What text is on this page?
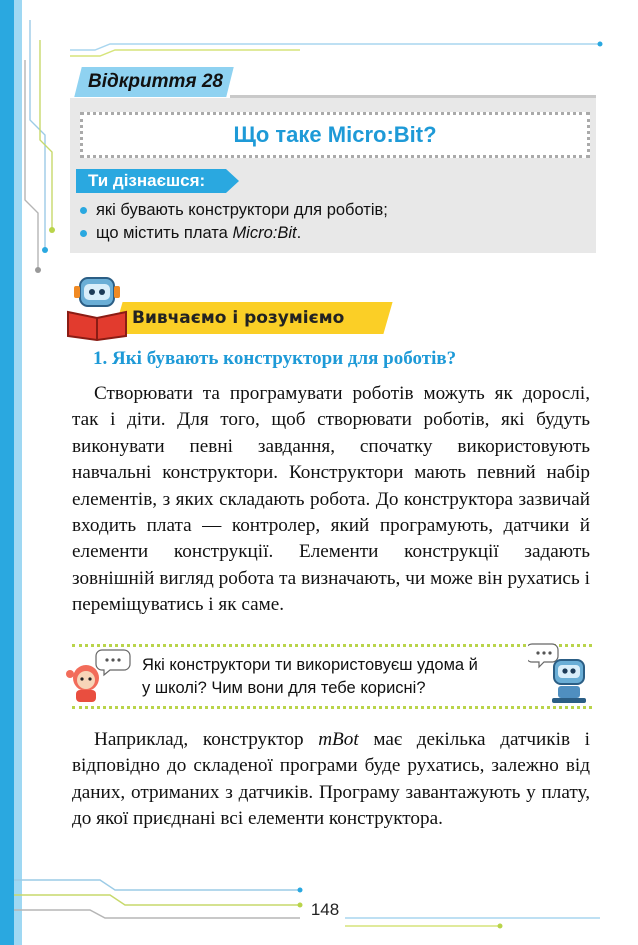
Відкриття 28
Що таке Micro:Bit?
Ти дізнаєшся:
які бувають конструктори для роботів;
що містить плата Micro:Bit.
Вивчаємо і розуміємо
1. Які бувають конструктори для роботів?

Створювати та програмувати роботів можуть як дорослі, так і діти. Для того, щоб створювати роботів, які будуть виконувати певні завдання, спочатку використовують навчальні конструктори. Конструктори мають певний набір елементів, з яких складають робота. До конструктора зазвичай входить плата — контролер, який програмують, датчики й елементи конструкції. Елементи конструкції задають зовнішній вигляд робота та визначають, чи може він рухатись і переміщуватись і як саме.

Які конструктори ти використовуєш удома й
у школі? Чим вони для тебе корисні?

Наприклад, конструктор mBot має декілька датчиків і відповідно до складеної програми буде рухатись, залежно від даних, отриманих з датчиків. Програму завантажують у плату, до якої приєднані всі елементи конструктора.

148
